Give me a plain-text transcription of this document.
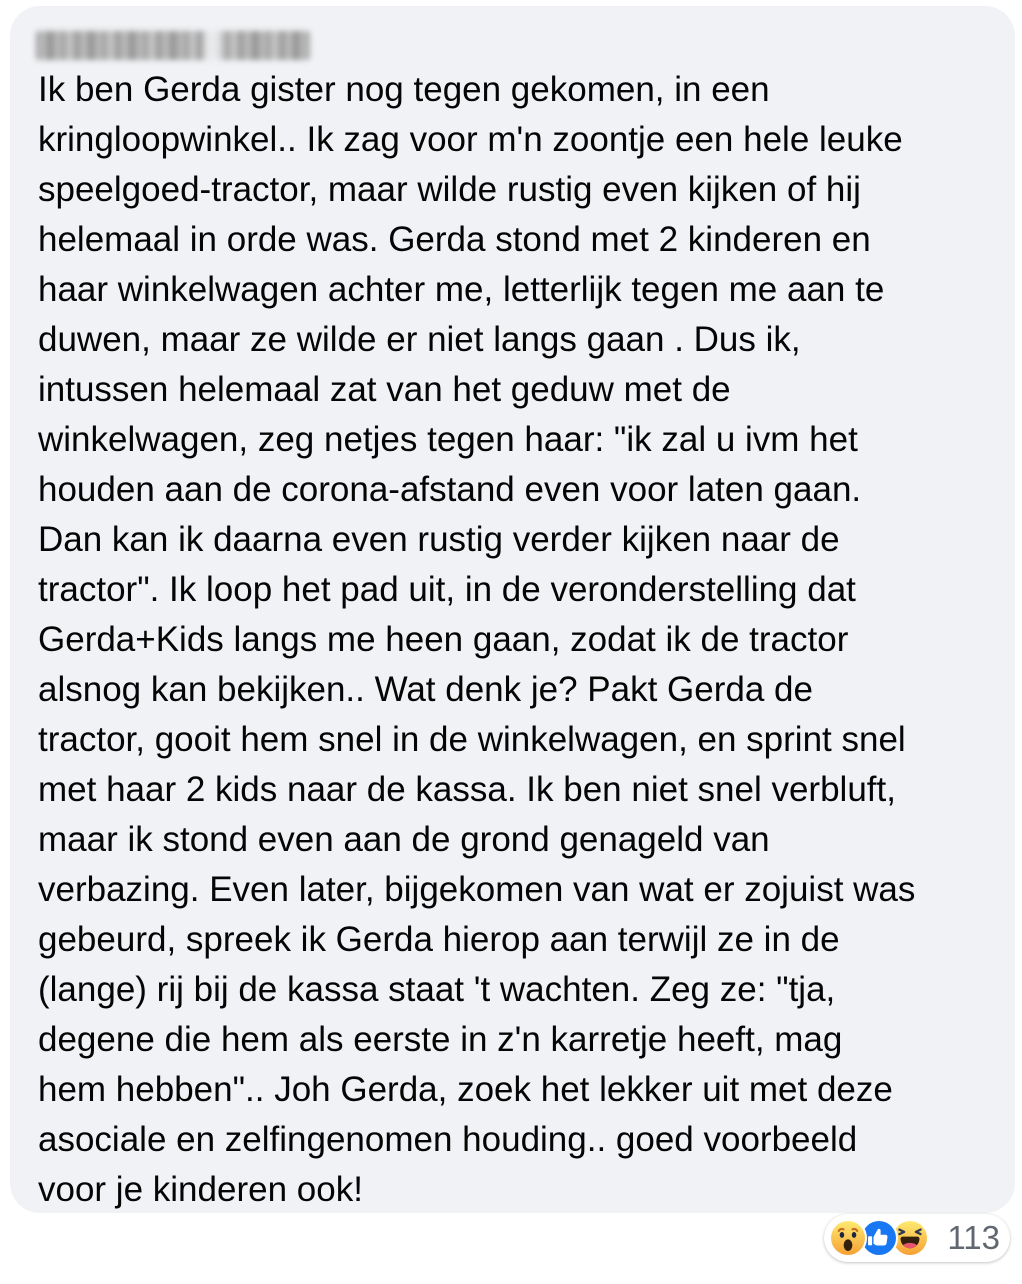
Ik ben Gerda gister nog tegen gekomen, in een
kringloopwinkel.. Ik zag voor m'n zoontje een hele leuke
speelgoed-tractor, maar wilde rustig even kijken of hij
helemaal in orde was. Gerda stond met 2 kinderen en
haar winkelwagen achter me, letterlijk tegen me aan te
duwen, maar ze wilde er niet langs gaan . Dus ik,
intussen helemaal zat van het geduw met de
winkelwagen, zeg netjes tegen haar: "ik zal u ivm het
houden aan de corona-afstand even voor laten gaan.
Dan kan ik daarna even rustig verder kijken naar de
tractor". Ik loop het pad uit, in de veronderstelling dat
Gerda+Kids langs me heen gaan, zodat ik de tractor
alsnog kan bekijken.. Wat denk je? Pakt Gerda de
tractor, gooit hem snel in de winkelwagen, en sprint snel
met haar 2 kids naar de kassa. Ik ben niet snel verbluft,
maar ik stond even aan de grond genageld van
verbazing. Even later, bijgekomen van wat er zojuist was
gebeurd, spreek ik Gerda hierop aan terwijl ze in de
(lange) rij bij de kassa staat 't wachten. Zeg ze: "tja,
degene die hem als eerste in z'n karretje heeft, mag
hem hebben".. Joh Gerda, zoek het lekker uit met deze
asociale en zelfingenomen houding.. goed voorbeeld
voor je kinderen ook!
113
